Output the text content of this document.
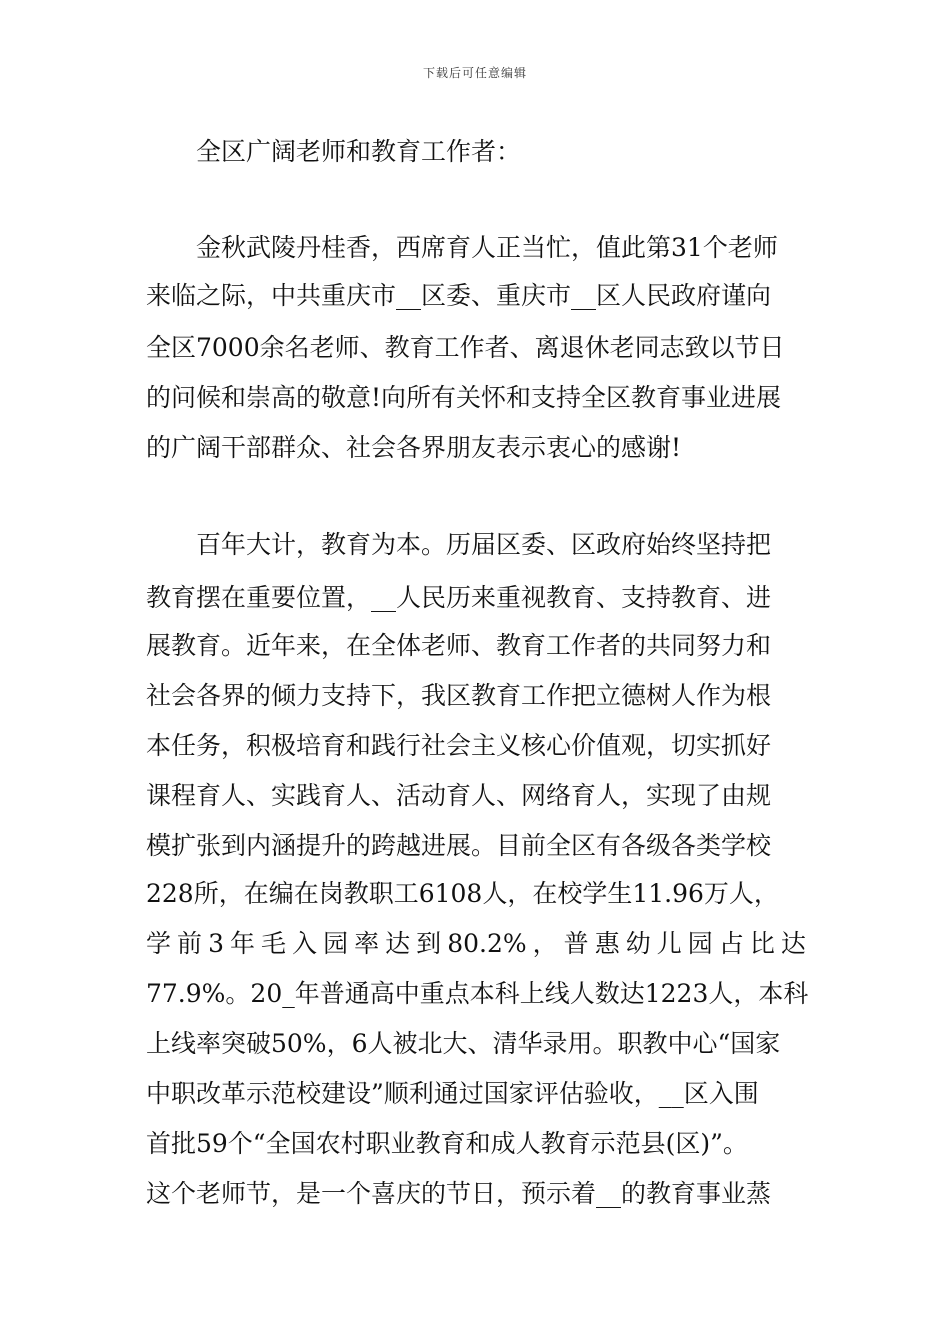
下载后可任意编辑
全区广阔老师和教育工作者：
金秋武陵丹桂香，西席育人正当忙，值此第31个老师
来临之际，中共重庆市__区委、重庆市__区人民政府谨向
全区7000余名老师、教育工作者、离退休老同志致以节日
的问候和崇高的敬意!向所有关怀和支持全区教育事业进展
的广阔干部群众、社会各界朋友表示衷心的感谢!
百年大计，教育为本。历届区委、区政府始终坚持把
教育摆在重要位置，__人民历来重视教育、支持教育、进
展教育。近年来，在全体老师、教育工作者的共同努力和
社会各界的倾力支持下，我区教育工作把立德树人作为根
本任务，积极培育和践行社会主义核心价值观，切实抓好
课程育人、实践育人、活动育人、网络育人，实现了由规
模扩张到内涵提升的跨越进展。目前全区有各级各类学校
228所，在编在岗教职工6108人，在校学生11.96万人，
学 前 3 年 毛 入 园 率 达 到 80.2% ， 普 惠 幼 儿 园 占 比 达
77.9%。20_年普通高中重点本科上线人数达1223人，本科
上线率突破50%，6人被北大、清华录用。职教中心“国家
中职改革示范校建设”顺利通过国家评估验收，__区入围
首批59个“全国农村职业教育和成人教育示范县(区)”。
这个老师节，是一个喜庆的节日，预示着__的教育事业蒸
